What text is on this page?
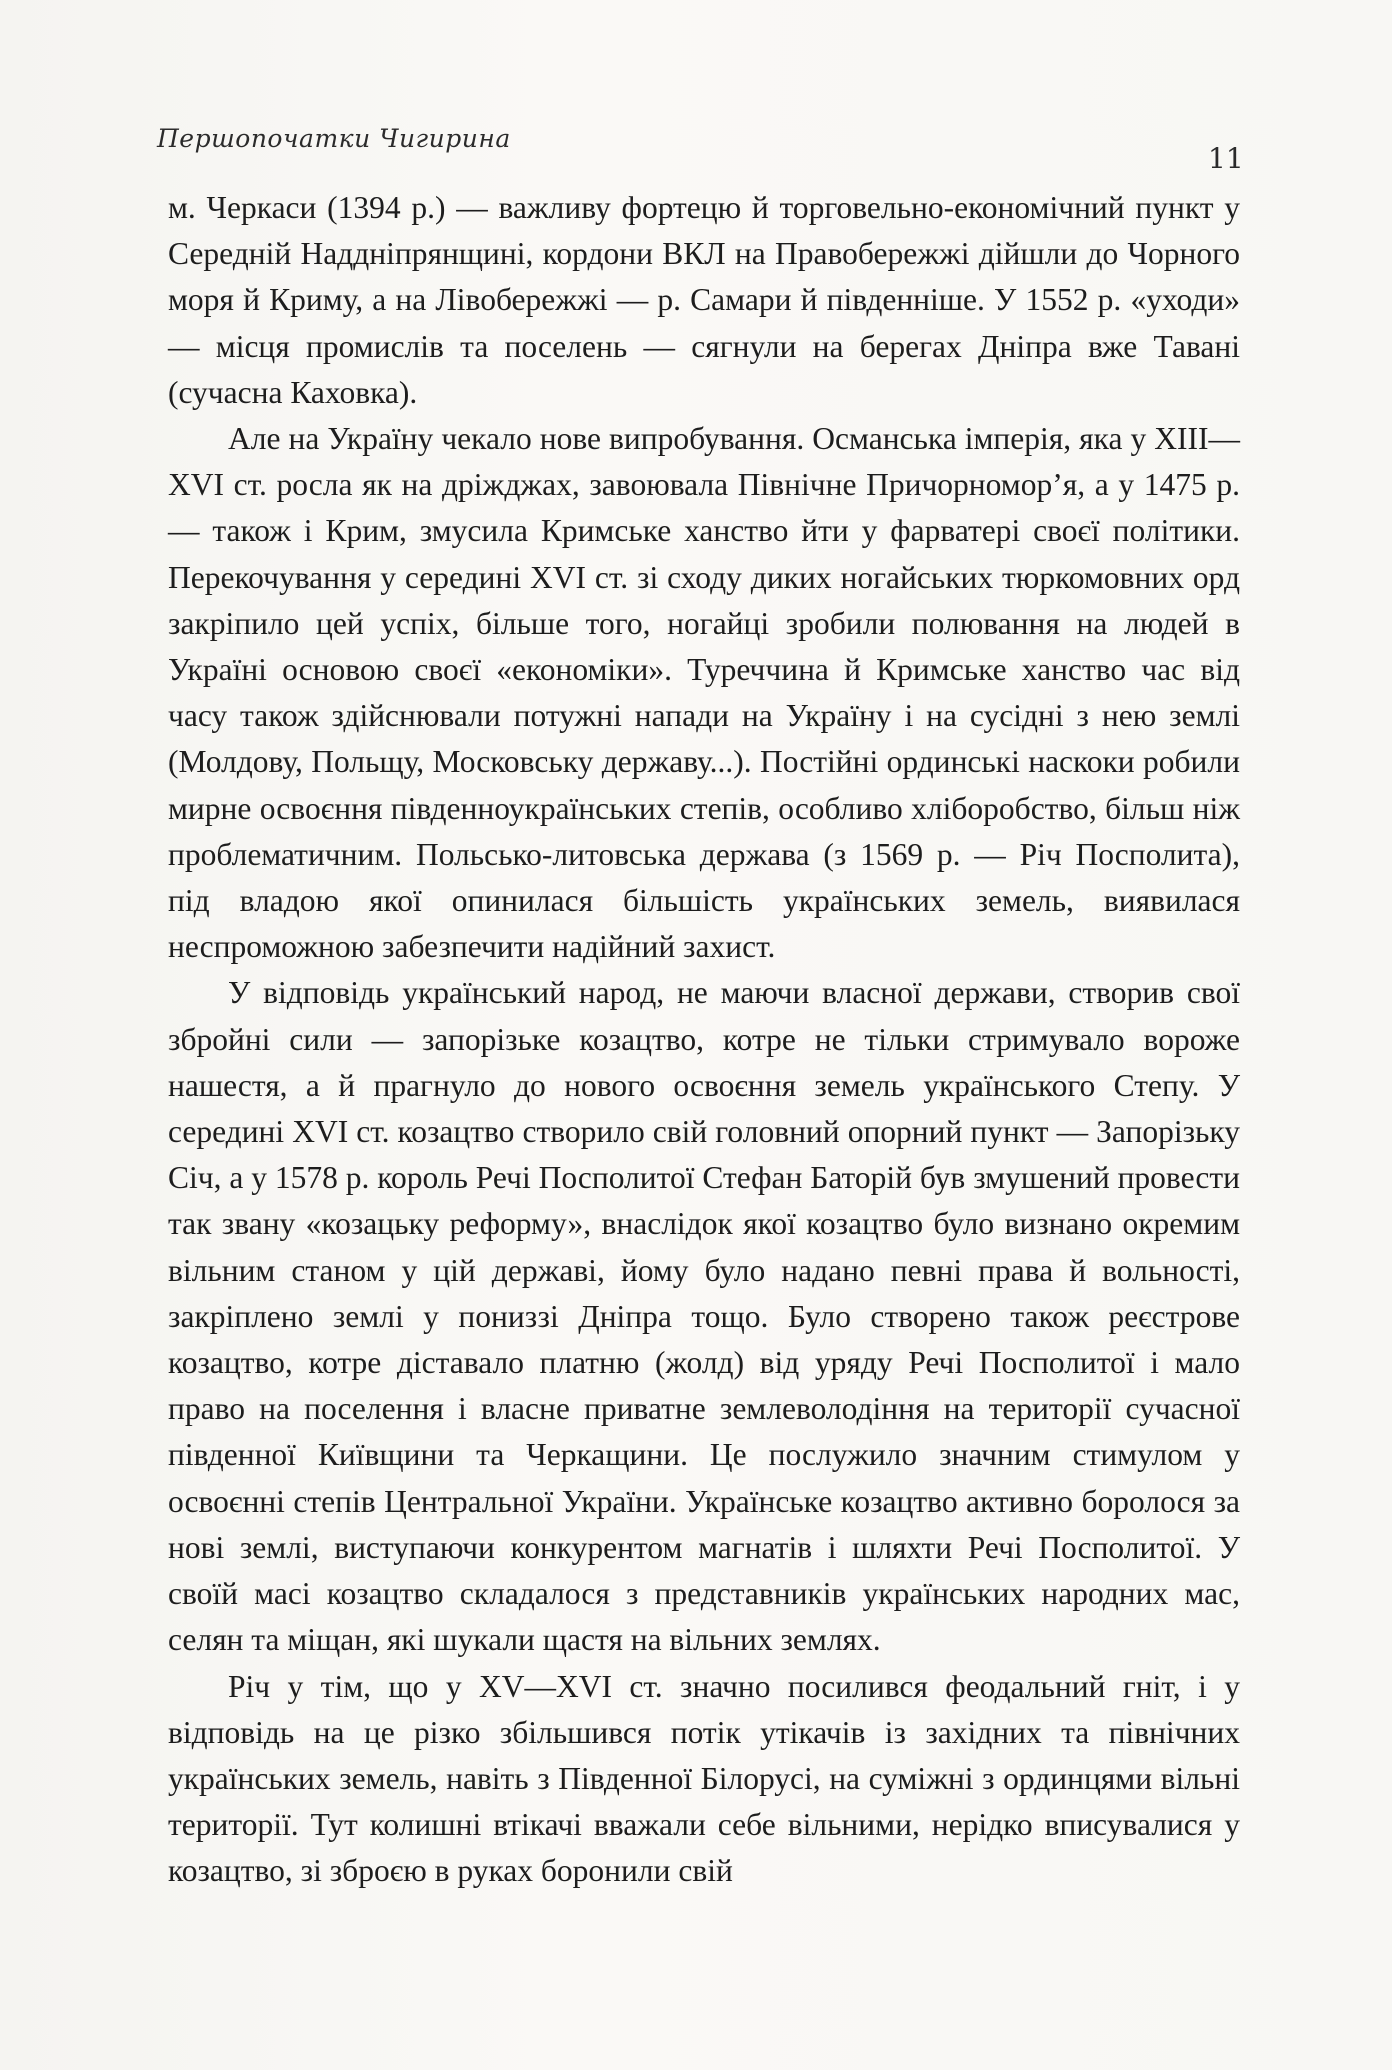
Першопочатки Чигирина
11

м. Черкаси (1394 р.) — важливу фортецю й торговельно-економічний пункт у Середній Наддніпрянщині, кордони ВКЛ на Правобережжі дійшли до Чорного моря й Криму, а на Лівобережжі — р. Самари й південніше. У 1552 р. «уходи» — місця промислів та поселень — сягнули на берегах Дніпра вже Тавані (сучасна Каховка).

Але на Україну чекало нове випробування. Османська імперія, яка у XIII—XVI ст. росла як на дріжджах, завоювала Північне Причорномор’я, а у 1475 р. — також і Крим, змусила Кримське ханство йти у фарватері своєї політики. Перекочування у середині XVI ст. зі сходу диких ногайських тюркомовних орд закріпило цей успіх, більше того, ногайці зробили полювання на людей в Україні основою своєї «економіки». Туреччина й Кримське ханство час від часу також здійснювали потужні напади на Україну і на сусідні з нею землі (Молдову, Польщу, Московську державу...). Постійні ординські наскоки робили мирне освоєння південноукраїнських степів, особливо хліборобство, більш ніж проблематичним. Польсько-литовська держава (з 1569 р. — Річ Посполита), під владою якої опинилася більшість українських земель, виявилася неспроможною забезпечити надійний захист.

У відповідь український народ, не маючи власної держави, створив свої збройні сили — запорізьке козацтво, котре не тільки стримувало вороже нашестя, а й прагнуло до нового освоєння земель українського Степу. У середині XVI ст. козацтво створило свій головний опорний пункт — Запорізьку Січ, а у 1578 р. король Речі Посполитої Стефан Баторій був змушений провести так звану «козацьку реформу», внаслідок якої козацтво було визнано окремим вільним станом у цій державі, йому було надано певні права й вольності, закріплено землі у пониззі Дніпра тощо. Було створено також реєстрове козацтво, котре діставало платню (жолд) від уряду Речі Посполитої і мало право на поселення і власне приватне землеволодіння на території сучасної південної Київщини та Черкащини. Це послужило значним стимулом у освоєнні степів Центральної України. Українське козацтво активно боролося за нові землі, виступаючи конкурентом магнатів і шляхти Речі Посполитої. У своїй масі козацтво складалося з представників українських народних мас, селян та міщан, які шукали щастя на вільних землях.

Річ у тім, що у XV—XVI ст. значно посилився феодальний гніт, і у відповідь на це різко збільшився потік утікачів із західних та північних українських земель, навіть з Південної Білорусі, на суміжні з ординцями вільні території. Тут колишні втікачі вважали себе вільними, нерідко вписувалися у козацтво, зі зброєю в руках боронили свій
